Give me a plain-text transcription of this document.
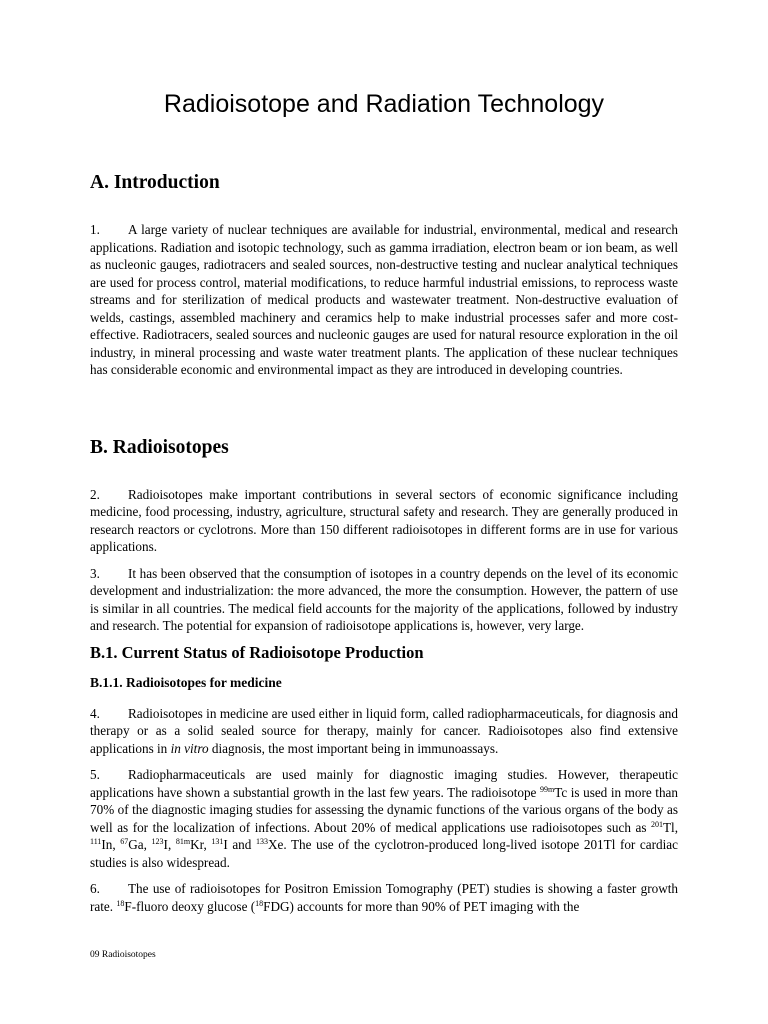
Radioisotope and Radiation Technology
A. Introduction

1. A large variety of nuclear techniques are available for industrial, environmental, medical and research applications. Radiation and isotopic technology, such as gamma irradiation, electron beam or ion beam, as well as nucleonic gauges, radiotracers and sealed sources, non-destructive testing and nuclear analytical techniques are used for process control, material modifications, to reduce harmful industrial emissions, to reprocess waste streams and for sterilization of medical products and wastewater treatment. Non-destructive evaluation of welds, castings, assembled machinery and ceramics help to make industrial processes safer and more cost-effective. Radiotracers, sealed sources and nucleonic gauges are used for natural resource exploration in the oil industry, in mineral processing and waste water treatment plants. The application of these nuclear techniques has considerable economic and environmental impact as they are introduced in developing countries.

B. Radioisotopes

2. Radioisotopes make important contributions in several sectors of economic significance including medicine, food processing, industry, agriculture, structural safety and research. They are generally produced in research reactors or cyclotrons. More than 150 different radioisotopes in different forms are in use for various applications.

3. It has been observed that the consumption of isotopes in a country depends on the level of its economic development and industrialization: the more advanced, the more the consumption. However, the pattern of use is similar in all countries. The medical field accounts for the majority of the applications, followed by industry and research. The potential for expansion of radioisotope applications is, however, very large.

B.1. Current Status of Radioisotope Production
B.1.1. Radioisotopes for medicine

4. Radioisotopes in medicine are used either in liquid form, called radiopharmaceuticals, for diagnosis and therapy or as a solid sealed source for therapy, mainly for cancer. Radioisotopes also find extensive applications in in vitro diagnosis, the most important being in immunoassays.

5. Radiopharmaceuticals are used mainly for diagnostic imaging studies. However, therapeutic applications have shown a substantial growth in the last few years. The radioisotope $^{99m}$Tc is used in more than 70% of the diagnostic imaging studies for assessing the dynamic functions of the various organs of the body as well as for the localization of infections. About 20% of medical applications use radioisotopes such as $^{201}$Tl, $^{111}$In, $^{67}$Ga, $^{123}$I, $^{81m}$Kr, $^{131}$I and $^{133}$Xe. The use of the cyclotron-produced long-lived isotope 201Tl for cardiac studies is also widespread.

6. The use of radioisotopes for Positron Emission Tomography (PET) studies is showing a faster growth rate. $^{18}$F-fluoro deoxy glucose ($^{18}$FDG) accounts for more than 90% of PET imaging with the

09 Radioisotopes
